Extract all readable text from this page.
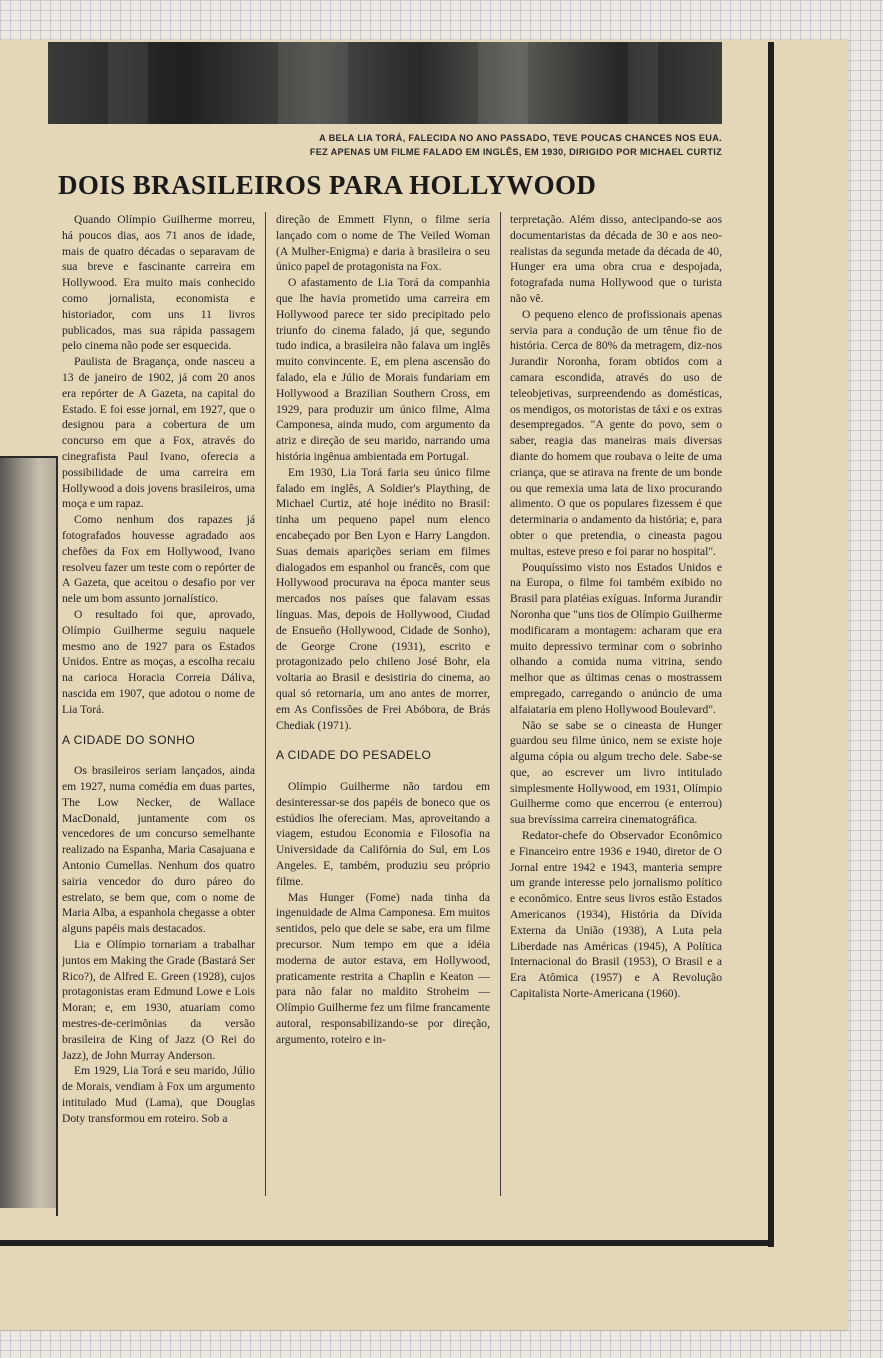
A BELA LIA TORÁ, FALECIDA NO ANO PASSADO, TEVE POUCAS CHANCES NOS EUA.
FEZ APENAS UM FILME FALADO EM INGLÊS, EM 1930, DIRIGIDO POR MICHAEL CURTIZ
DOIS BRASILEIROS PARA HOLLYWOOD

Quando Olímpio Guilherme morreu, há poucos dias, aos 71 anos de idade, mais de quatro décadas o separavam de sua breve e fascinante carreira em Hollywood. Era muito mais conhecido como jornalista, economista e historiador, com uns 11 livros publicados, mas sua rápida passagem pelo cinema não pode ser esquecida.

Paulista de Bragança, onde nasceu a 13 de janeiro de 1902, já com 20 anos era repórter de A Gazeta, na capital do Estado. E foi esse jornal, em 1927, que o designou para a cobertura de um concurso em que a Fox, através do cinegrafista Paul Ivano, oferecia a possibilidade de uma carreira em Hollywood a dois jovens brasileiros, uma moça e um rapaz.

Como nenhum dos rapazes já fotografados houvesse agradado aos chefões da Fox em Hollywood, Ivano resolveu fazer um teste com o repórter de A Gazeta, que aceitou o desafio por ver nele um bom assunto jornalístico.

O resultado foi que, aprovado, Olímpio Guilherme seguiu naquele mesmo ano de 1927 para os Estados Unidos. Entre as moças, a escolha recaiu na carioca Horacia Correia Dáliva, nascida em 1907, que adotou o nome de Lia Torá.

A CIDADE DO SONHO

Os brasileiros seriam lançados, ainda em 1927, numa comédia em duas partes, The Low Necker, de Wallace MacDonald, juntamente com os vencedores de um concurso semelhante realizado na Espanha, Maria Casajuana e Antonio Cumellas. Nenhum dos quatro sairia vencedor do duro páreo do estrelato, se bem que, com o nome de Maria Alba, a espanhola chegasse a obter alguns papéis mais destacados.

Lia e Olímpio tornariam a trabalhar juntos em Making the Grade (Bastará Ser Rico?), de Alfred E. Green (1928), cujos protagonistas eram Edmund Lowe e Lois Moran; e, em 1930, atuariam como mestres-de-cerimônias da versão brasileira de King of Jazz (O Rei do Jazz), de John Murray Anderson.

Em 1929, Lia Torá e seu marido, Júlio de Morais, vendiam à Fox um argumento intitulado Mud (Lama), que Douglas Doty transformou em roteiro. Sob a

direção de Emmett Flynn, o filme seria lançado com o nome de The Veiled Woman (A Mulher-Enigma) e daria à brasileira o seu único papel de protagonista na Fox.

O afastamento de Lia Torá da companhia que lhe havia prometido uma carreira em Hollywood parece ter sido precipitado pelo triunfo do cinema falado, já que, segundo tudo indica, a brasileira não falava um inglês muito convincente. E, em plena ascensão do falado, ela e Júlio de Morais fundariam em Hollywood a Brazilian Southern Cross, em 1929, para produzir um único filme, Alma Camponesa, ainda mudo, com argumento da atriz e direção de seu marido, narrando uma história ingênua ambientada em Portugal.

Em 1930, Lia Torá faria seu único filme falado em inglês, A Soldier's Plaything, de Michael Curtiz, até hoje inédito no Brasil: tinha um pequeno papel num elenco encabeçado por Ben Lyon e Harry Langdon. Suas demais aparições seriam em filmes dialogados em espanhol ou francês, com que Hollywood procurava na época manter seus mercados nos países que falavam essas línguas. Mas, depois de Hollywood, Ciudad de Ensueño (Hollywood, Cidade de Sonho), de George Crone (1931), escrito e protagonizado pelo chileno José Bohr, ela voltaria ao Brasil e desistiria do cinema, ao qual só retornaria, um ano antes de morrer, em As Confissões de Frei Abóbora, de Brás Chediak (1971).

A CIDADE DO PESADELO

Olímpio Guilherme não tardou em desinteressar-se dos papéis de boneco que os estúdios lhe ofereciam. Mas, aproveitando a viagem, estudou Economia e Filosofia na Universidade da Califórnia do Sul, em Los Angeles. E, também, produziu seu próprio filme.

Mas Hunger (Fome) nada tinha da ingenuidade de Alma Camponesa. Em muitos sentidos, pelo que dele se sabe, era um filme precursor. Num tempo em que a idéia moderna de autor estava, em Hollywood, praticamente restrita a Chaplin e Keaton — para não falar no maldito Stroheim — Olímpio Guilherme fez um filme francamente autoral, responsabilizando-se por direção, argumento, roteiro e in-

terpretação. Além disso, antecipando-se aos documentaristas da década de 30 e aos neo-realistas da segunda metade da década de 40, Hunger era uma obra crua e despojada, fotografada numa Hollywood que o turista não vê.

O pequeno elenco de profissionais apenas servia para a condução de um tênue fio de história. Cerca de 80% da metragem, diz-nos Jurandir Noronha, foram obtidos com a camara escondida, através do uso de teleobjetivas, surpreendendo as domésticas, os mendigos, os motoristas de táxi e os extras desempregados. "A gente do povo, sem o saber, reagia das maneiras mais diversas diante do homem que roubava o leite de uma criança, que se atirava na frente de um bonde ou que remexia uma lata de lixo procurando alimento. O que os populares fizessem é que determinaria o andamento da história; e, para obter o que pretendia, o cineasta pagou multas, esteve preso e foi parar no hospital".

Pouquíssimo visto nos Estados Unidos e na Europa, o filme foi também exibido no Brasil para platéias exíguas. Informa Jurandir Noronha que "uns tios de Olímpio Guilherme modificaram a montagem: acharam que era muito depressivo terminar com o sobrinho olhando a comida numa vitrina, sendo melhor que as últimas cenas o mostrassem empregado, carregando o anúncio de uma alfaiataria em pleno Hollywood Boulevard".

Não se sabe se o cineasta de Hunger guardou seu filme único, nem se existe hoje alguma cópia ou algum trecho dele. Sabe-se que, ao escrever um livro intitulado simplesmente Hollywood, em 1931, Olímpio Guilherme como que encerrou (e enterrou) sua brevíssima carreira cinematográfica.

Redator-chefe do Observador Econômico e Financeiro entre 1936 e 1940, diretor de O Jornal entre 1942 e 1943, manteria sempre um grande interesse pelo jornalismo político e econômico. Entre seus livros estão Estados Americanos (1934), História da Dívida Externa da União (1938), A Luta pela Liberdade nas Américas (1945), A Política Internacional do Brasil (1953), O Brasil e a Era Atômica (1957) e A Revolução Capitalista Norte-Americana (1960).
